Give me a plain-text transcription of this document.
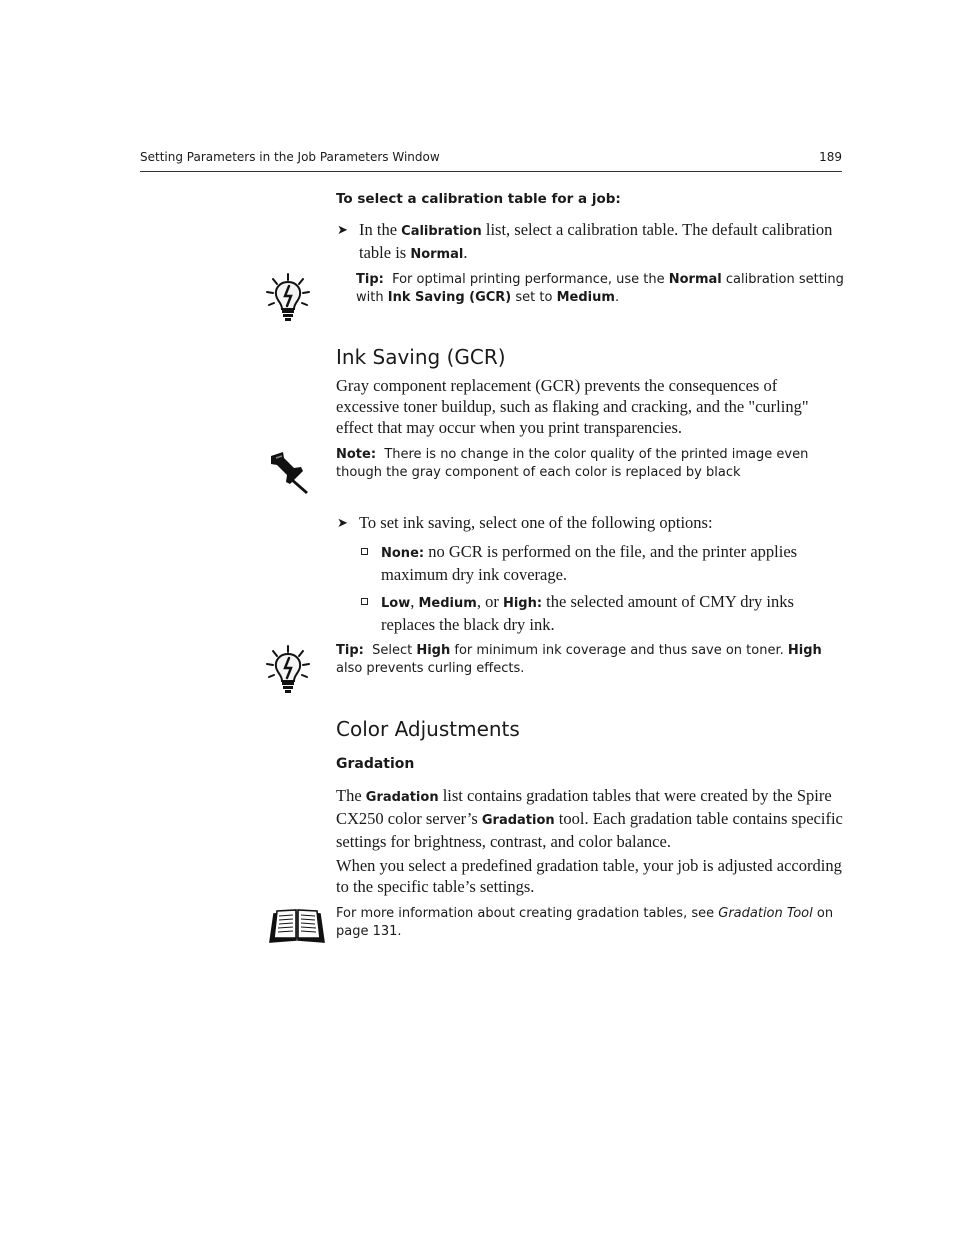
Setting Parameters in the Job Parameters Window	189
To select a calibration table for a job:
➤ In the Calibration list, select a calibration table. The default calibration table is Normal.
Tip: For optimal printing performance, use the Normal calibration setting with Ink Saving (GCR) set to Medium.
Ink Saving (GCR)
Gray component replacement (GCR) prevents the consequences of excessive toner buildup, such as flaking and cracking, and the "curling" effect that may occur when you print transparencies.
Note: There is no change in the color quality of the printed image even though the gray component of each color is replaced by black
➤ To set ink saving, select one of the following options:
None: no GCR is performed on the file, and the printer applies maximum dry ink coverage.
Low, Medium, or High: the selected amount of CMY dry inks replaces the black dry ink.
Tip: Select High for minimum ink coverage and thus save on toner. High also prevents curling effects.
Color Adjustments
Gradation
The Gradation list contains gradation tables that were created by the Spire CX250 color server’s Gradation tool. Each gradation table contains specific settings for brightness, contrast, and color balance.
When you select a predefined gradation table, your job is adjusted according to the specific table’s settings.
For more information about creating gradation tables, see Gradation Tool on page 131.
